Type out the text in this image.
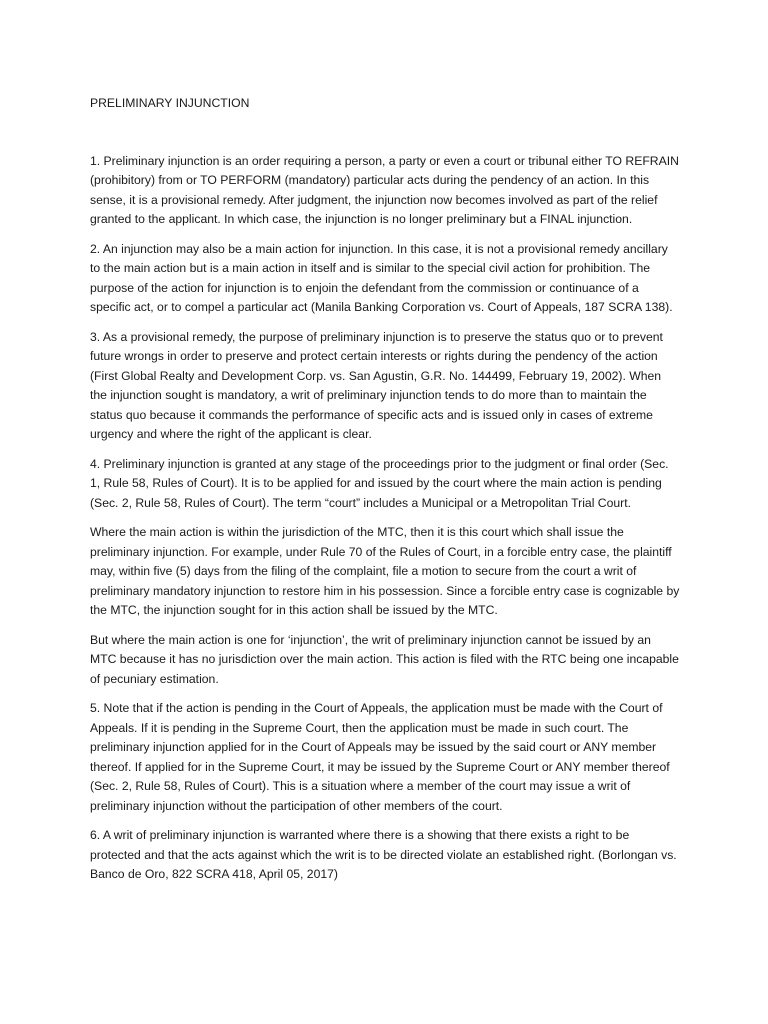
PRELIMINARY INJUNCTION

1. Preliminary injunction is an order requiring a person, a party or even a court or tribunal either TO REFRAIN (prohibitory) from or TO PERFORM (mandatory) particular acts during the pendency of an action. In this sense, it is a provisional remedy. After judgment, the injunction now becomes involved as part of the relief granted to the applicant. In which case, the injunction is no longer preliminary but a FINAL injunction.

2. An injunction may also be a main action for injunction. In this case, it is not a provisional remedy ancillary to the main action but is a main action in itself and is similar to the special civil action for prohibition. The purpose of the action for injunction is to enjoin the defendant from the commission or continuance of a specific act, or to compel a particular act (Manila Banking Corporation vs. Court of Appeals, 187 SCRA 138).

3. As a provisional remedy, the purpose of preliminary injunction is to preserve the status quo or to prevent future wrongs in order to preserve and protect certain interests or rights during the pendency of the action (First Global Realty and Development Corp. vs. San Agustin, G.R. No. 144499, February 19, 2002). When the injunction sought is mandatory, a writ of preliminary injunction tends to do more than to maintain the status quo because it commands the performance of specific acts and is issued only in cases of extreme urgency and where the right of the applicant is clear.

4. Preliminary injunction is granted at any stage of the proceedings prior to the judgment or final order (Sec. 1, Rule 58, Rules of Court). It is to be applied for and issued by the court where the main action is pending (Sec. 2, Rule 58, Rules of Court). The term “court” includes a Municipal or a Metropolitan Trial Court.

Where the main action is within the jurisdiction of the MTC, then it is this court which shall issue the preliminary injunction. For example, under Rule 70 of the Rules of Court, in a forcible entry case, the plaintiff may, within five (5) days from the filing of the complaint, file a motion to secure from the court a writ of preliminary mandatory injunction to restore him in his possession. Since a forcible entry case is cognizable by the MTC, the injunction sought for in this action shall be issued by the MTC.

But where the main action is one for ‘injunction’, the writ of preliminary injunction cannot be issued by an MTC because it has no jurisdiction over the main action. This action is filed with the RTC being one incapable of pecuniary estimation.

5. Note that if the action is pending in the Court of Appeals, the application must be made with the Court of Appeals. If it is pending in the Supreme Court, then the application must be made in such court. The preliminary injunction applied for in the Court of Appeals may be issued by the said court or ANY member thereof. If applied for in the Supreme Court, it may be issued by the Supreme Court or ANY member thereof (Sec. 2, Rule 58, Rules of Court). This is a situation where a member of the court may issue a writ of preliminary injunction without the participation of other members of the court.

6. A writ of preliminary injunction is warranted where there is a showing that there exists a right to be protected and that the acts against which the writ is to be directed violate an established right. (Borlongan vs. Banco de Oro, 822 SCRA 418, April 05, 2017)
